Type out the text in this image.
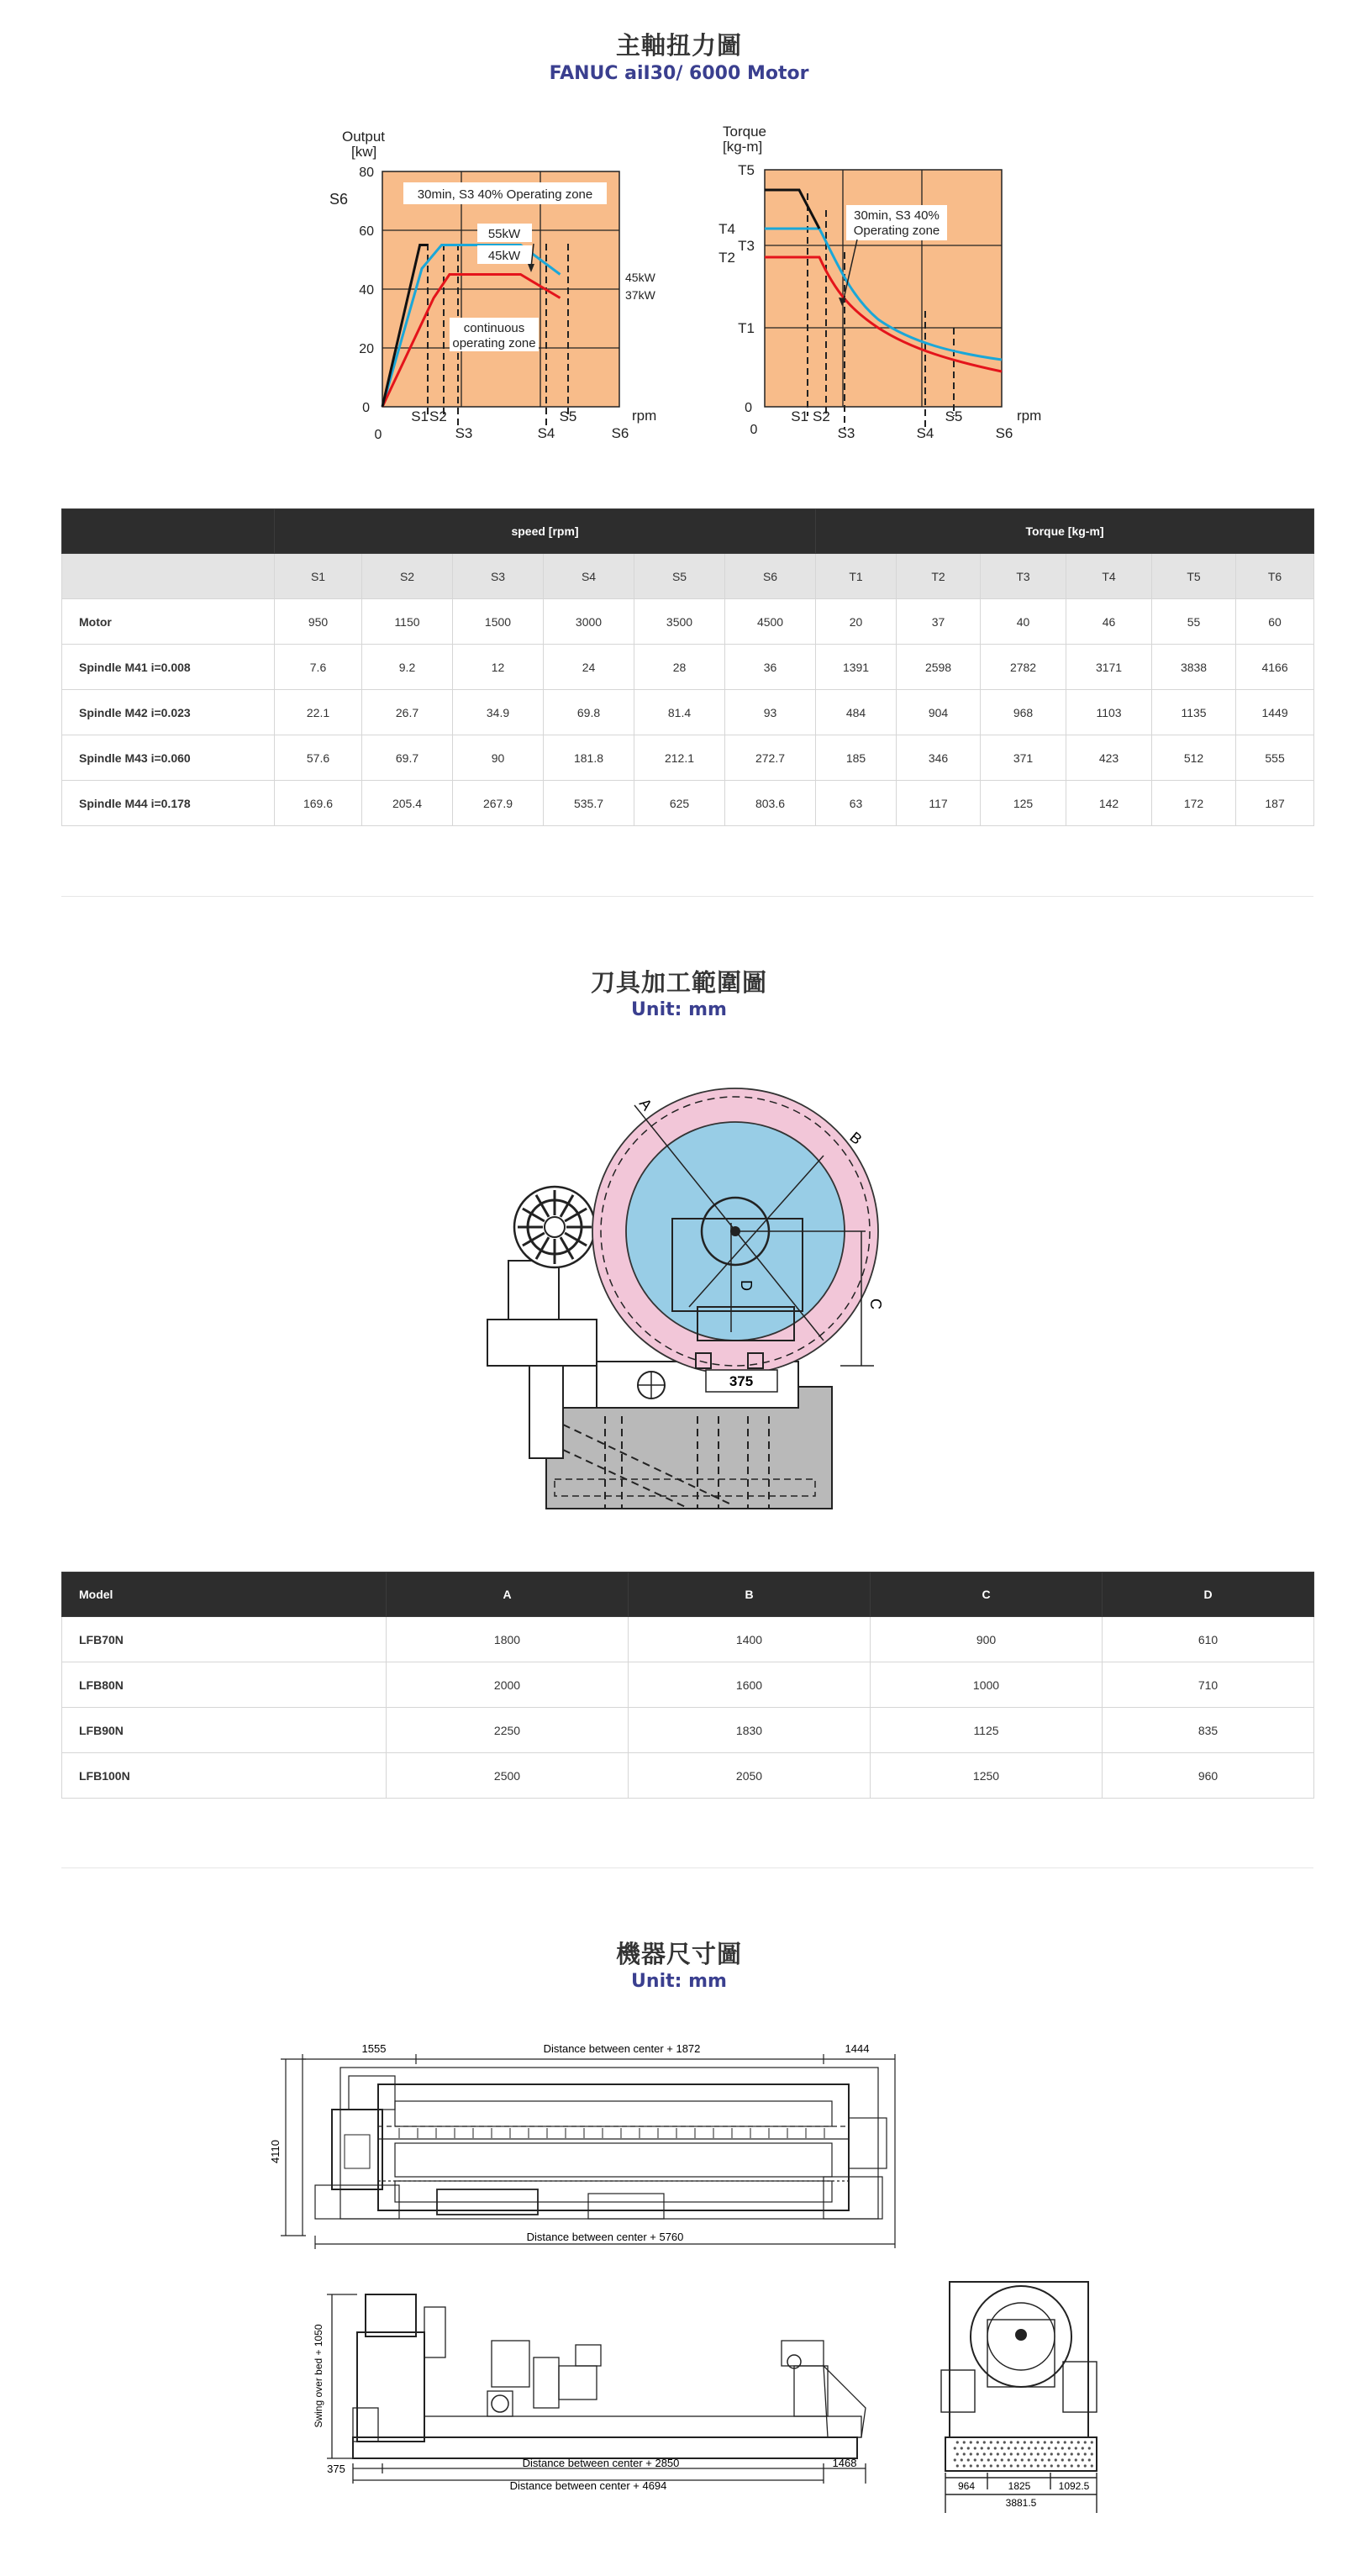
主軸扭力圖
FANUC aiI30/ 6000 Motor
Output
[kw]
S6
80
60
40
20
0
0
S1 S2
S3	S4
S5
S6
rpm
30min, S3 40% Operating zone
55kW
45kW
continuous
operating zone
45kW
37kW
30min, S3 40%
Operating zone
Torque
[kg-m]
T5
T4
T3
T2
T1
0
0
S1 S2
S3	S4
S5
S6
rpm
	speed [rpm]						Torque [kg-m]					
	S1	S2	S3	S4	S5	S6	T1	T2	T3	T4	T5	T6
Motor	950	1150	1500	3000	3500	4500	20	37	40	46	55	60
Spindle M41 i=0.008	7.6	9.2	12	24	28	36	1391	2598	2782	3171	3838	4166
Spindle M42 i=0.023	22.1	26.7	34.9	69.8	81.4	93	484	904	968	1103	1135	1449
Spindle M43 i=0.060	57.6	69.7	90	181.8	212.1	272.7	185	346	371	423	512	555
Spindle M44 i=0.178	169.6	205.4	267.9	535.7	625	803.6	63	117	125	142	172	187
刀具加工範圍圖
Unit: mm
375
A
B
C
D
Model	A	B	C	D
LFB70N	1800	1400	900	610
LFB80N	2000	1600	1000	710
LFB90N	2250	1830	1125	835
LFB100N	2500	2050	1250	960
機器尺寸圖
Unit: mm
1555	Distance between center + 1872	1444
4110
Distance between center + 5760
Swing over bed + 1050
375	Distance between center + 2850	1468
Distance between center + 4694	964	1825	1092.5
3881.5
